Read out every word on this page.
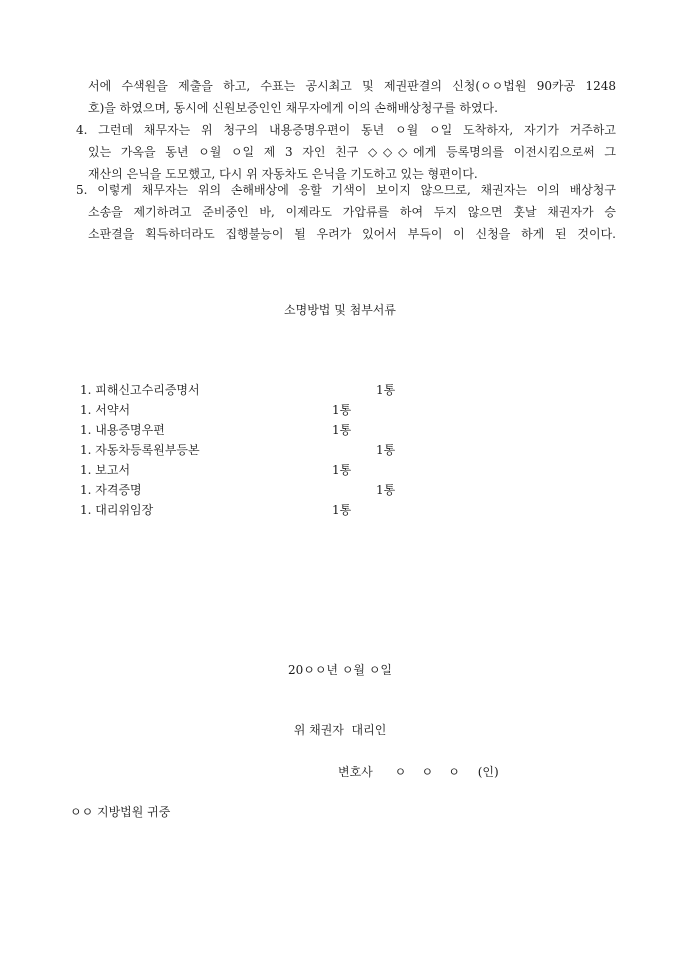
서에 수색원을 제출을 하고, 수표는 공시최고 및 제권판결의 신청(ㅇㅇ법원 90카공 1248
호)을 하였으며, 동시에 신원보증인인 채무자에게 이의 손해배상청구를 하였다.
4. 그런데 채무자는 위 청구의 내용증명우편이 동년 ㅇ월 ㅇ일 도착하자, 자기가 거주하고
있는 가옥을 동년 ㅇ월 ㅇ일 제 3 자인 친구 ◇◇◇에게 등록명의를 이전시킴으로써 그
재산의 은닉을 도모했고, 다시 위 자동차도 은닉을 기도하고 있는 형편이다.
5. 이렇게 채무자는 위의 손해배상에 응할 기색이 보이지 않으므로, 채권자는 이의 배상청구
소송을 제기하려고 준비중인 바, 이제라도 가압류를 하여 두지 않으면 훗날 채권자가 승
소판결을 획득하더라도 집행불능이 될 우려가 있어서 부득이 이 신청을 하게 된 것이다.
소명방법 및 첨부서류
1. 피해신고수리증명서	1통
1. 서약서	1통
1. 내용증명우편	1통
1. 자동차등록원부등본	1통
1. 보고서	1통
1. 자격증명	1통
1. 대리위임장	1통
20ㅇㅇ년 ㅇ월 ㅇ일
위 채권자  대리인
변호사 ㅇ    ㅇ    ㅇ (인)
ㅇㅇ 지방법원 귀중
